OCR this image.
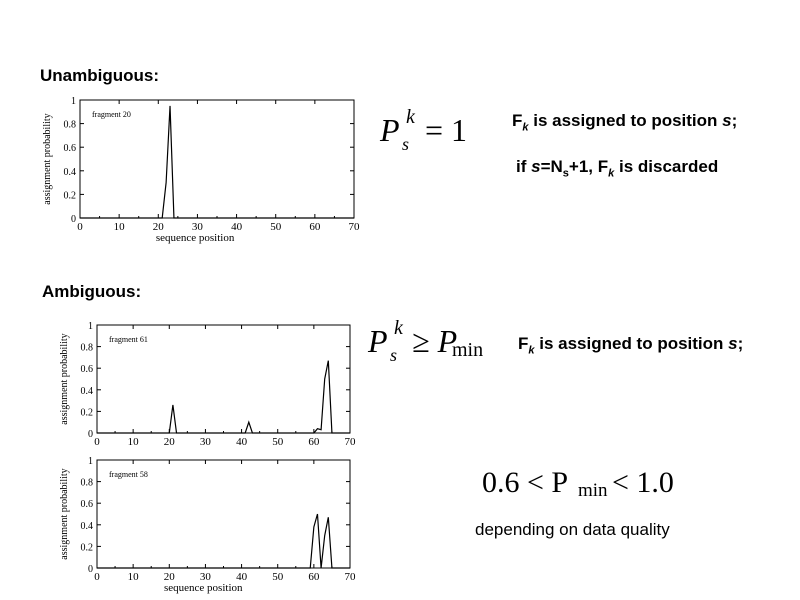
Unambiguous:
Ambiguous:
0	10	20	30	40	50	60	70
0
0.2
0.4
0.6
0.8
1
sequence position
assignment probability	fragment 20
0	10 20 30 40 50 60 70
0
0.2
0.4
0.6
0.8
1
assignment probability	fragment 61
0	10 20 30 40 50 60 70
0
0.2
0.4
0.6
0.8
1
sequence position
assignment probability	fragment 58
P k
s = 1	$F_k$ is assigned to position s;
if $s=N_s+1$, $F_k$ is discarded
P k
s ≥ P
$\min F_k$ is assigned to position s;
0.6 < P min < 1.0
depending on data quality
